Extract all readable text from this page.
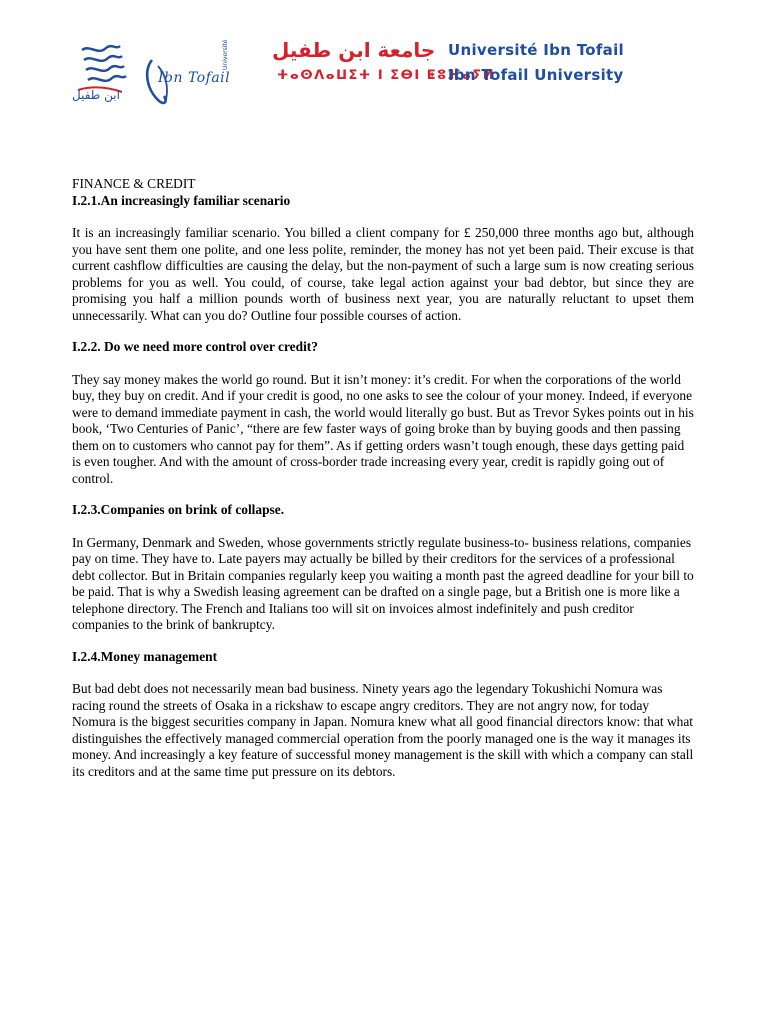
Ibn Tofail
ابن طفيل
Université جامعة ابن طفيل
ⵜⴰⵙⴷⴰⵡⵉⵜ ⵏ ⵉⴱⵏ ⵟⵓⴼⴰⵢⵍ
Université Ibn Tofail
Ibn Tofail University
FINANCE & CREDIT
I.2.1.An increasingly familiar scenario

It is an increasingly familiar scenario. You billed a client company for £ 250,000 three months ago but, although you have sent them one polite, and one less polite, reminder, the money has not yet been paid. Their excuse is that current cashflow difficulties are causing the delay, but the non-payment of such a large sum is now creating serious problems for you as well. You could, of course, take legal action against your bad debtor, but since they are promising you half a million pounds worth of business next year, you are naturally reluctant to upset them unnecessarily. What can you do? Outline four possible courses of action.

I.2.2. Do we need more control over credit?

They say money makes the world go round. But it isn’t money: it’s credit. For when the corporations of the world buy, they buy on credit. And if your credit is good, no one asks to see the colour of your money. Indeed, if everyone were to demand immediate payment in cash, the world would literally go bust. But as Trevor Sykes points out in his book, ‘Two Centuries of Panic’, “there are few faster ways of going broke than by buying goods and then passing them on to customers who cannot pay for them”. As if getting orders wasn’t tough enough, these days getting paid is even tougher. And with the amount of cross-border trade increasing every year, credit is rapidly going out of control.

I.2.3.Companies on brink of collapse.

In Germany, Denmark and Sweden, whose governments strictly regulate business-to- business relations, companies pay on time. They have to. Late payers may actually be billed by their creditors for the services of a professional debt collector. But in Britain companies regularly keep you waiting a month past the agreed deadline for your bill to be paid. That is why a Swedish leasing agreement can be drafted on a single page, but a British one is more like a telephone directory. The French and Italians too will sit on invoices almost indefinitely and push creditor companies to the brink of bankruptcy.

I.2.4.Money management

But bad debt does not necessarily mean bad business. Ninety years ago the legendary Tokushichi Nomura was racing round the streets of Osaka in a rickshaw to escape angry creditors. They are not angry now, for today Nomura is the biggest securities company in Japan. Nomura knew what all good financial directors know: that what distinguishes the effectively managed commercial operation from the poorly managed one is the way it manages its money. And increasingly a key feature of successful money management is the skill with which a company can stall its creditors and at the same time put pressure on its debtors.
